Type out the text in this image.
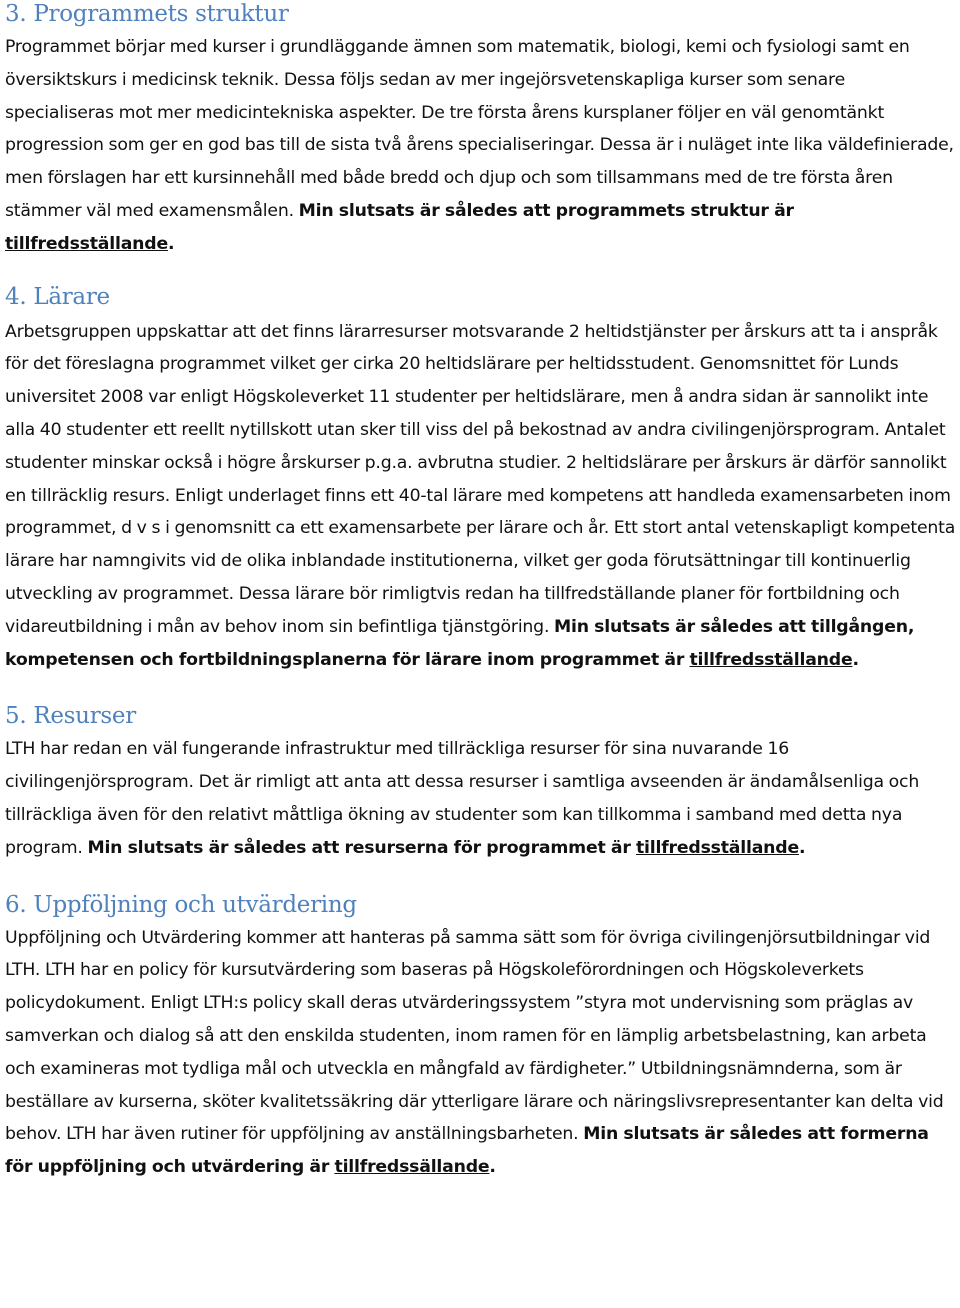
3. Programmets struktur

Programmet börjar med kurser i grundläggande ämnen som matematik, biologi, kemi och fysiologi samt en översiktskurs i medicinsk teknik. Dessa följs sedan av mer ingejörsvetenskapliga kurser som senare specialiseras mot mer medicintekniska aspekter. De tre första årens kursplaner följer en väl genomtänkt progression som ger en god bas till de sista två årens specialiseringar. Dessa är i nuläget inte lika väldefinierade, men förslagen har ett kursinnehåll med både bredd och djup och som tillsammans med de tre första åren stämmer väl med examensmålen. Min slutsats är således att programmets struktur är tillfredsställande.

4. Lärare

Arbetsgruppen uppskattar att det finns lärarresurser motsvarande 2 heltidstjänster per årskurs att ta i anspråk för det föreslagna programmet vilket ger cirka 20 heltidslärare per heltidsstudent. Genomsnittet för Lunds universitet 2008 var enligt Högskoleverket 11 studenter per heltidslärare, men å andra sidan är sannolikt inte alla 40 studenter ett reellt nytillskott utan sker till viss del på bekostnad av andra civilingenjörsprogram. Antalet studenter minskar också i högre årskurser p.g.a. avbrutna studier. 2 heltidslärare per årskurs är därför sannolikt en tillräcklig resurs. Enligt underlaget finns ett 40-tal lärare med kompetens att handleda examensarbeten inom programmet, d v s i genomsnitt ca ett examensarbete per lärare och år. Ett stort antal vetenskapligt kompetenta lärare har namngivits vid de olika inblandade institutionerna, vilket ger goda förutsättningar till kontinuerlig utveckling av programmet. Dessa lärare bör rimligtvis redan ha tillfredställande planer för fortbildning och vidareutbildning i mån av behov inom sin befintliga tjänstgöring. Min slutsats är således att tillgången, kompetensen och fortbildningsplanerna för lärare inom programmet är tillfredsställande.

5. Resurser

LTH har redan en väl fungerande infrastruktur med tillräckliga resurser för sina nuvarande 16 civilingenjörsprogram. Det är rimligt att anta att dessa resurser i samtliga avseenden är ändamålsenliga och tillräckliga även för den relativt måttliga ökning av studenter som kan tillkomma i samband med detta nya program. Min slutsats är således att resurserna för programmet är tillfredsställande.

6. Uppföljning och utvärdering

Uppföljning och Utvärdering kommer att hanteras på samma sätt som för övriga civilingenjörsutbildningar vid LTH. LTH har en policy för kursutvärdering som baseras på Högskoleförordningen och Högskoleverkets policydokument. Enligt LTH:s policy skall deras utvärderingssystem ”styra mot undervisning som präglas av samverkan och dialog så att den enskilda studenten, inom ramen för en lämplig arbetsbelastning, kan arbeta och examineras mot tydliga mål och utveckla en mångfald av färdigheter.” Utbildningsnämnderna, som är beställare av kurserna, sköter kvalitetssäkring där ytterligare lärare och näringslivsrepresentanter kan delta vid behov. LTH har även rutiner för uppföljning av anställningsbarheten. Min slutsats är således att formerna för uppföljning och utvärdering är tillfredssällande.
